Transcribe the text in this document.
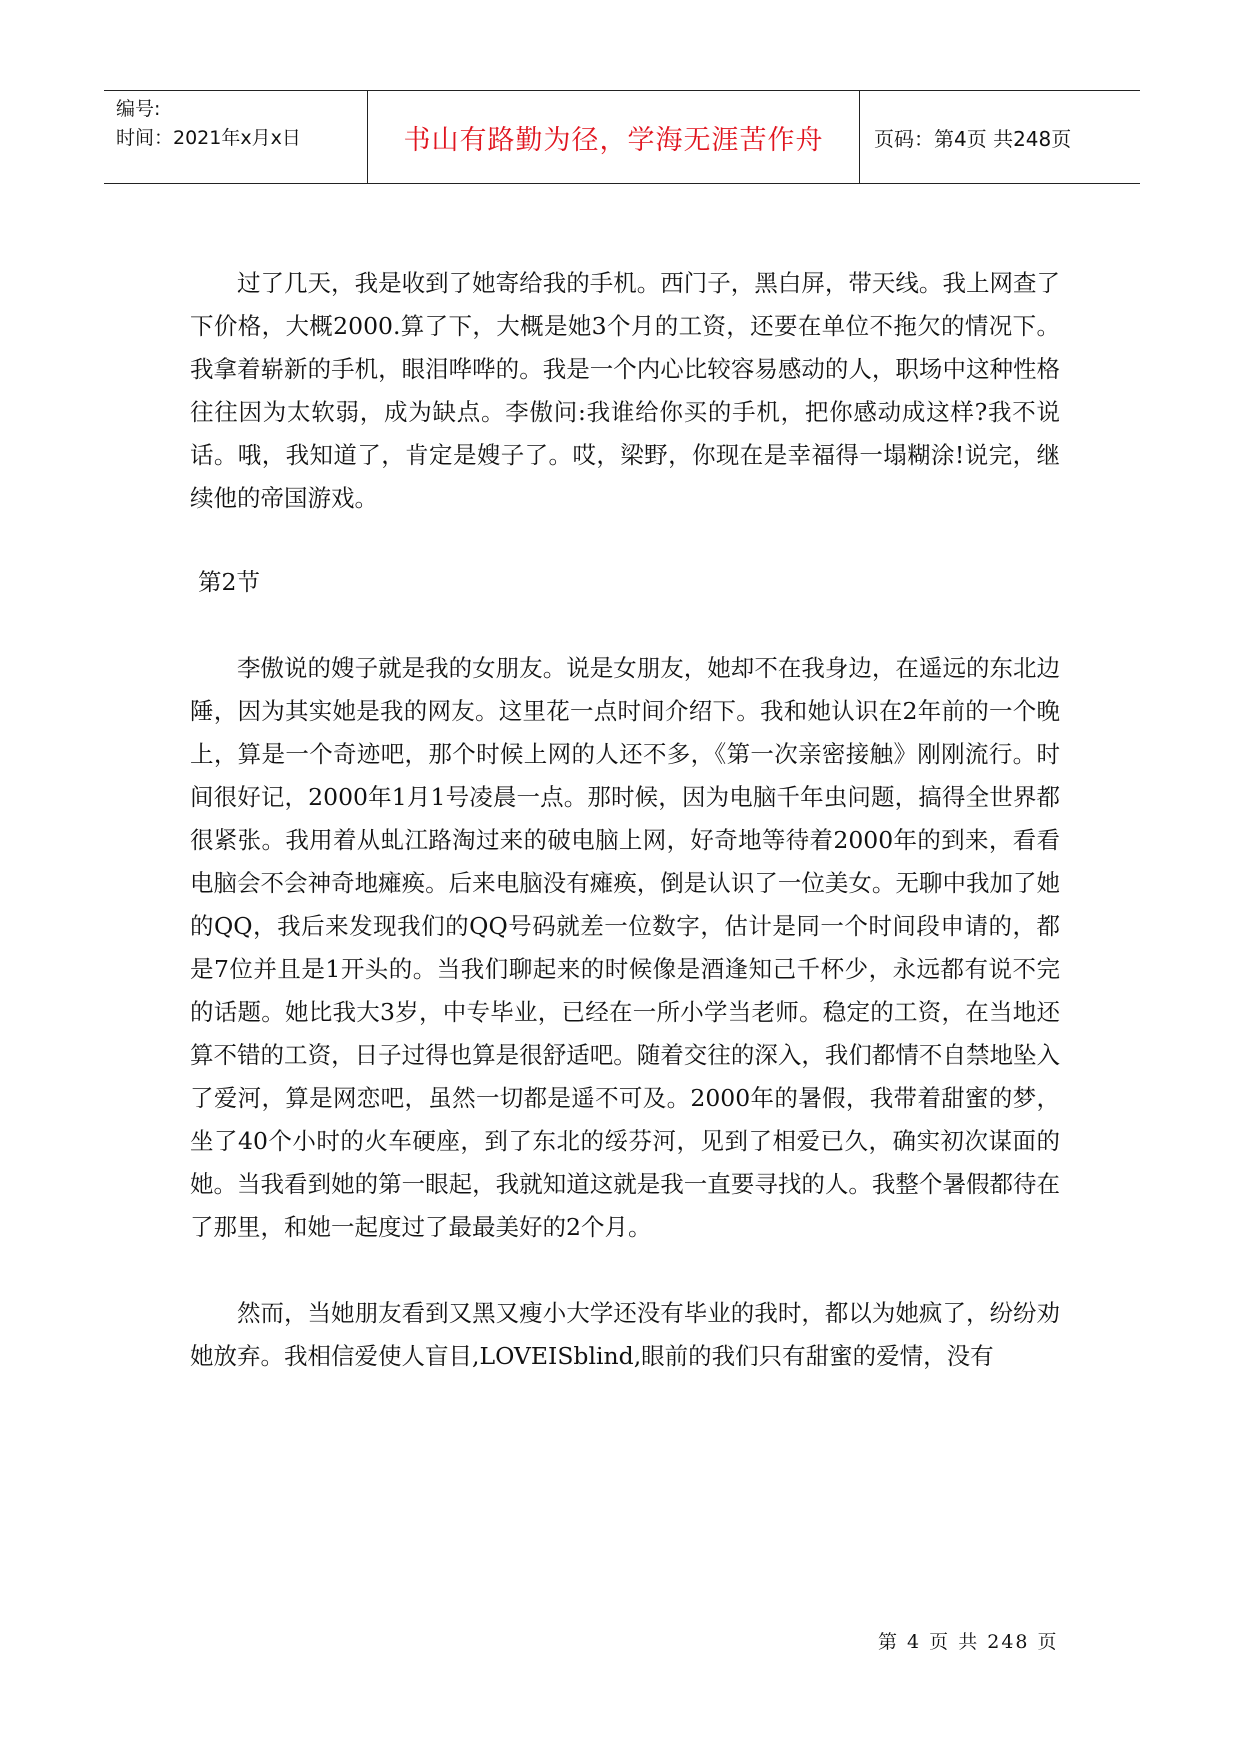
编号:
时间：2021年x月x日	书山有路勤为径，学海无涯苦作舟	页码：第4页 共248页

过了几天，我是收到了她寄给我的手机。西门子，黑白屏，带天线。我上网查了下价格，大概2000.算了下，大概是她3个月的工资，还要在单位不拖欠的情况下。我拿着崭新的手机，眼泪哗哗的。我是一个内心比较容易感动的人，职场中这种性格往往因为太软弱，成为缺点。李傲问:我谁给你买的手机，把你感动成这样?我不说话。哦，我知道了，肯定是嫂子了。哎，梁野，你现在是幸福得一塌糊涂!说完，继续他的帝国游戏。

第2节

李傲说的嫂子就是我的女朋友。说是女朋友，她却不在我身边，在遥远的东北边陲，因为其实她是我的网友。这里花一点时间介绍下。我和她认识在2年前的一个晚上，算是一个奇迹吧，那个时候上网的人还不多，《第一次亲密接触》刚刚流行。时间很好记，2000年1月1号凌晨一点。那时候，因为电脑千年虫问题，搞得全世界都很紧张。我用着从虬江路淘过来的破电脑上网，好奇地等待着2000年的到来，看看电脑会不会神奇地瘫痪。后来电脑没有瘫痪，倒是认识了一位美女。无聊中我加了她的QQ，我后来发现我们的QQ号码就差一位数字，估计是同一个时间段申请的，都是7位并且是1开头的。当我们聊起来的时候像是酒逢知己千杯少，永远都有说不完的话题。她比我大3岁，中专毕业，已经在一所小学当老师。稳定的工资，在当地还算不错的工资，日子过得也算是很舒适吧。随着交往的深入，我们都情不自禁地坠入了爱河，算是网恋吧，虽然一切都是遥不可及。2000年的暑假，我带着甜蜜的梦，坐了40个小时的火车硬座，到了东北的绥芬河，见到了相爱已久，确实初次谋面的她。当我看到她的第一眼起，我就知道这就是我一直要寻找的人。我整个暑假都待在了那里，和她一起度过了最最美好的2个月。

然而，当她朋友看到又黑又瘦小大学还没有毕业的我时，都以为她疯了，纷纷劝她放弃。我相信爱使人盲目,LOVEISblind,眼前的我们只有甜蜜的爱情，没有

第 4 页 共 248 页
